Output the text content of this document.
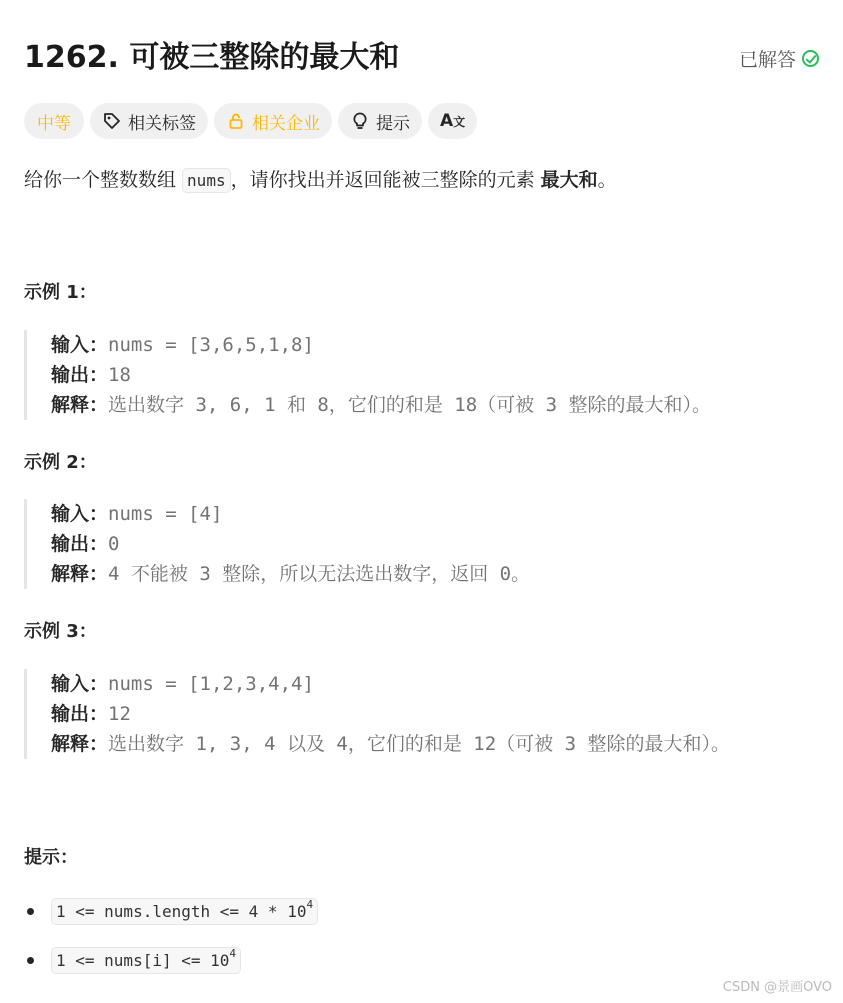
1262. 可被三整除的最大和	已解答
中等	相关标签	相关企业	提示 A文
给你一个整数数组 nums ，请你找出并返回能被三整除的元素 最大和。
示例 1：
输入：nums = [3,6,5,1,8]
输出：18
解释：选出数字 3, 6, 1 和 8，它们的和是 18（可被 3 整除的最大和）。
示例 2：
输入：nums = [4]
输出：0
解释：4 不能被 3 整除，所以无法选出数字，返回 0。
示例 3：
输入：nums = [1,2,3,4,4]
输出：12
解释：选出数字 1, 3, 4 以及 4，它们的和是 12（可被 3 整除的最大和）。
提示：
1 <= nums.length <= $4 * 10^4$
1 <= nums[i] <= $10^4$
CSDN @景画OVO
